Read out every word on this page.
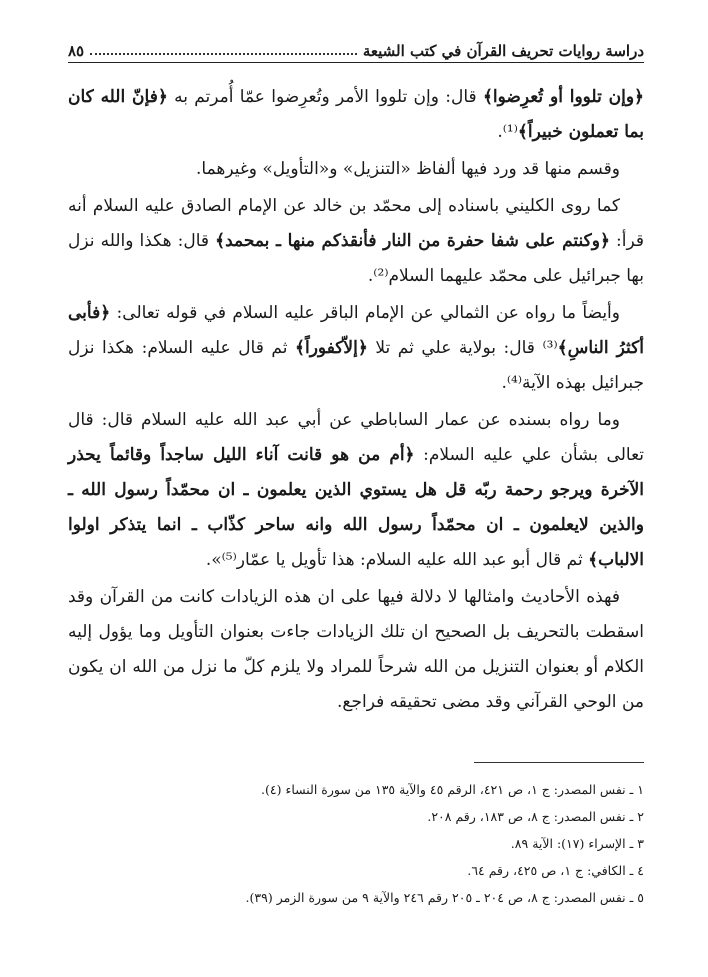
دراسة روايات تحريف القرآن في كتب الشيعة
٨٥

﴿وإن تلووا أو تُعرِضوا﴾ قال: وإن تلووا الأمر وتُعرِضوا عمّا أُمرتم به ﴿فإنّ الله كان بما تعملون خبيراً﴾⁽¹⁾.

وقسم منها قد ورد فيها ألفاظ «التنزيل» و«التأويل» وغيرهما.

كما روى الكليني باسناده إلى محمّد بن خالد عن الإمام الصادق عليه السلام أنه قرأ: ﴿وكنتم على شفا حفرة من النار فأنقذكم منها ـ بمحمد﴾ قال: هكذا والله نزل بها جبرائيل على محمّد عليهما السلام⁽²⁾.

وأيضاً ما رواه عن الثمالي عن الإمام الباقر عليه السلام في قوله تعالى: ﴿فأبى أكثرُ الناسِ﴾⁽³⁾ قال: بولاية علي ثم تلا ﴿إلاّكفوراً﴾ ثم قال عليه السلام: هكذا نزل جبرائيل بهذه الآية⁽⁴⁾.

وما رواه بسنده عن عمار الساباطي عن أبي عبد الله عليه السلام قال: قال تعالى بشأن علي عليه السلام: ﴿أم من هو قانت آناء الليل ساجداً وقائماً يحذر الآخرة ويرجو رحمة ربّه قل هل يستوي الذين يعلمون ـ ان محمّداً رسول الله ـ والذين لايعلمون ـ ان محمّداً رسول الله وانه ساحر كذّاب ـ انما يتذكر اولوا الالباب﴾ ثم قال أبو عبد الله عليه السلام: هذا تأويل يا عمّار⁽⁵⁾».

فهذه الأحاديث وامثالها لا دلالة فيها على ان هذه الزيادات كانت من القرآن وقد اسقطت بالتحريف بل الصحيح ان تلك الزيادات جاءت بعنوان التأويل وما يؤول إليه الكلام أو بعنوان التنزيل من الله شرحاً للمراد ولا يلزم كلّ ما نزل من الله ان يكون من الوحي القرآني وقد مضى تحقيقه فراجع.

١ ـ نفس المصدر: ج ١، ص ٤٢١، الرقم ٤٥ والآية ١٣٥ من سورة النساء (٤).
٢ ـ نفس المصدر: ج ٨، ص ١٨٣، رقم ٢٠٨.
٣ ـ الإسراء (١٧): الآية ٨٩.
٤ ـ الكافي: ج ١، ص ٤٢٥، رقم ٦٤.
٥ ـ نفس المصدر: ج ٨، ص ٢٠٤ ـ ٢٠٥ رقم ٢٤٦ والآية ٩ من سورة الزمر (٣٩).
